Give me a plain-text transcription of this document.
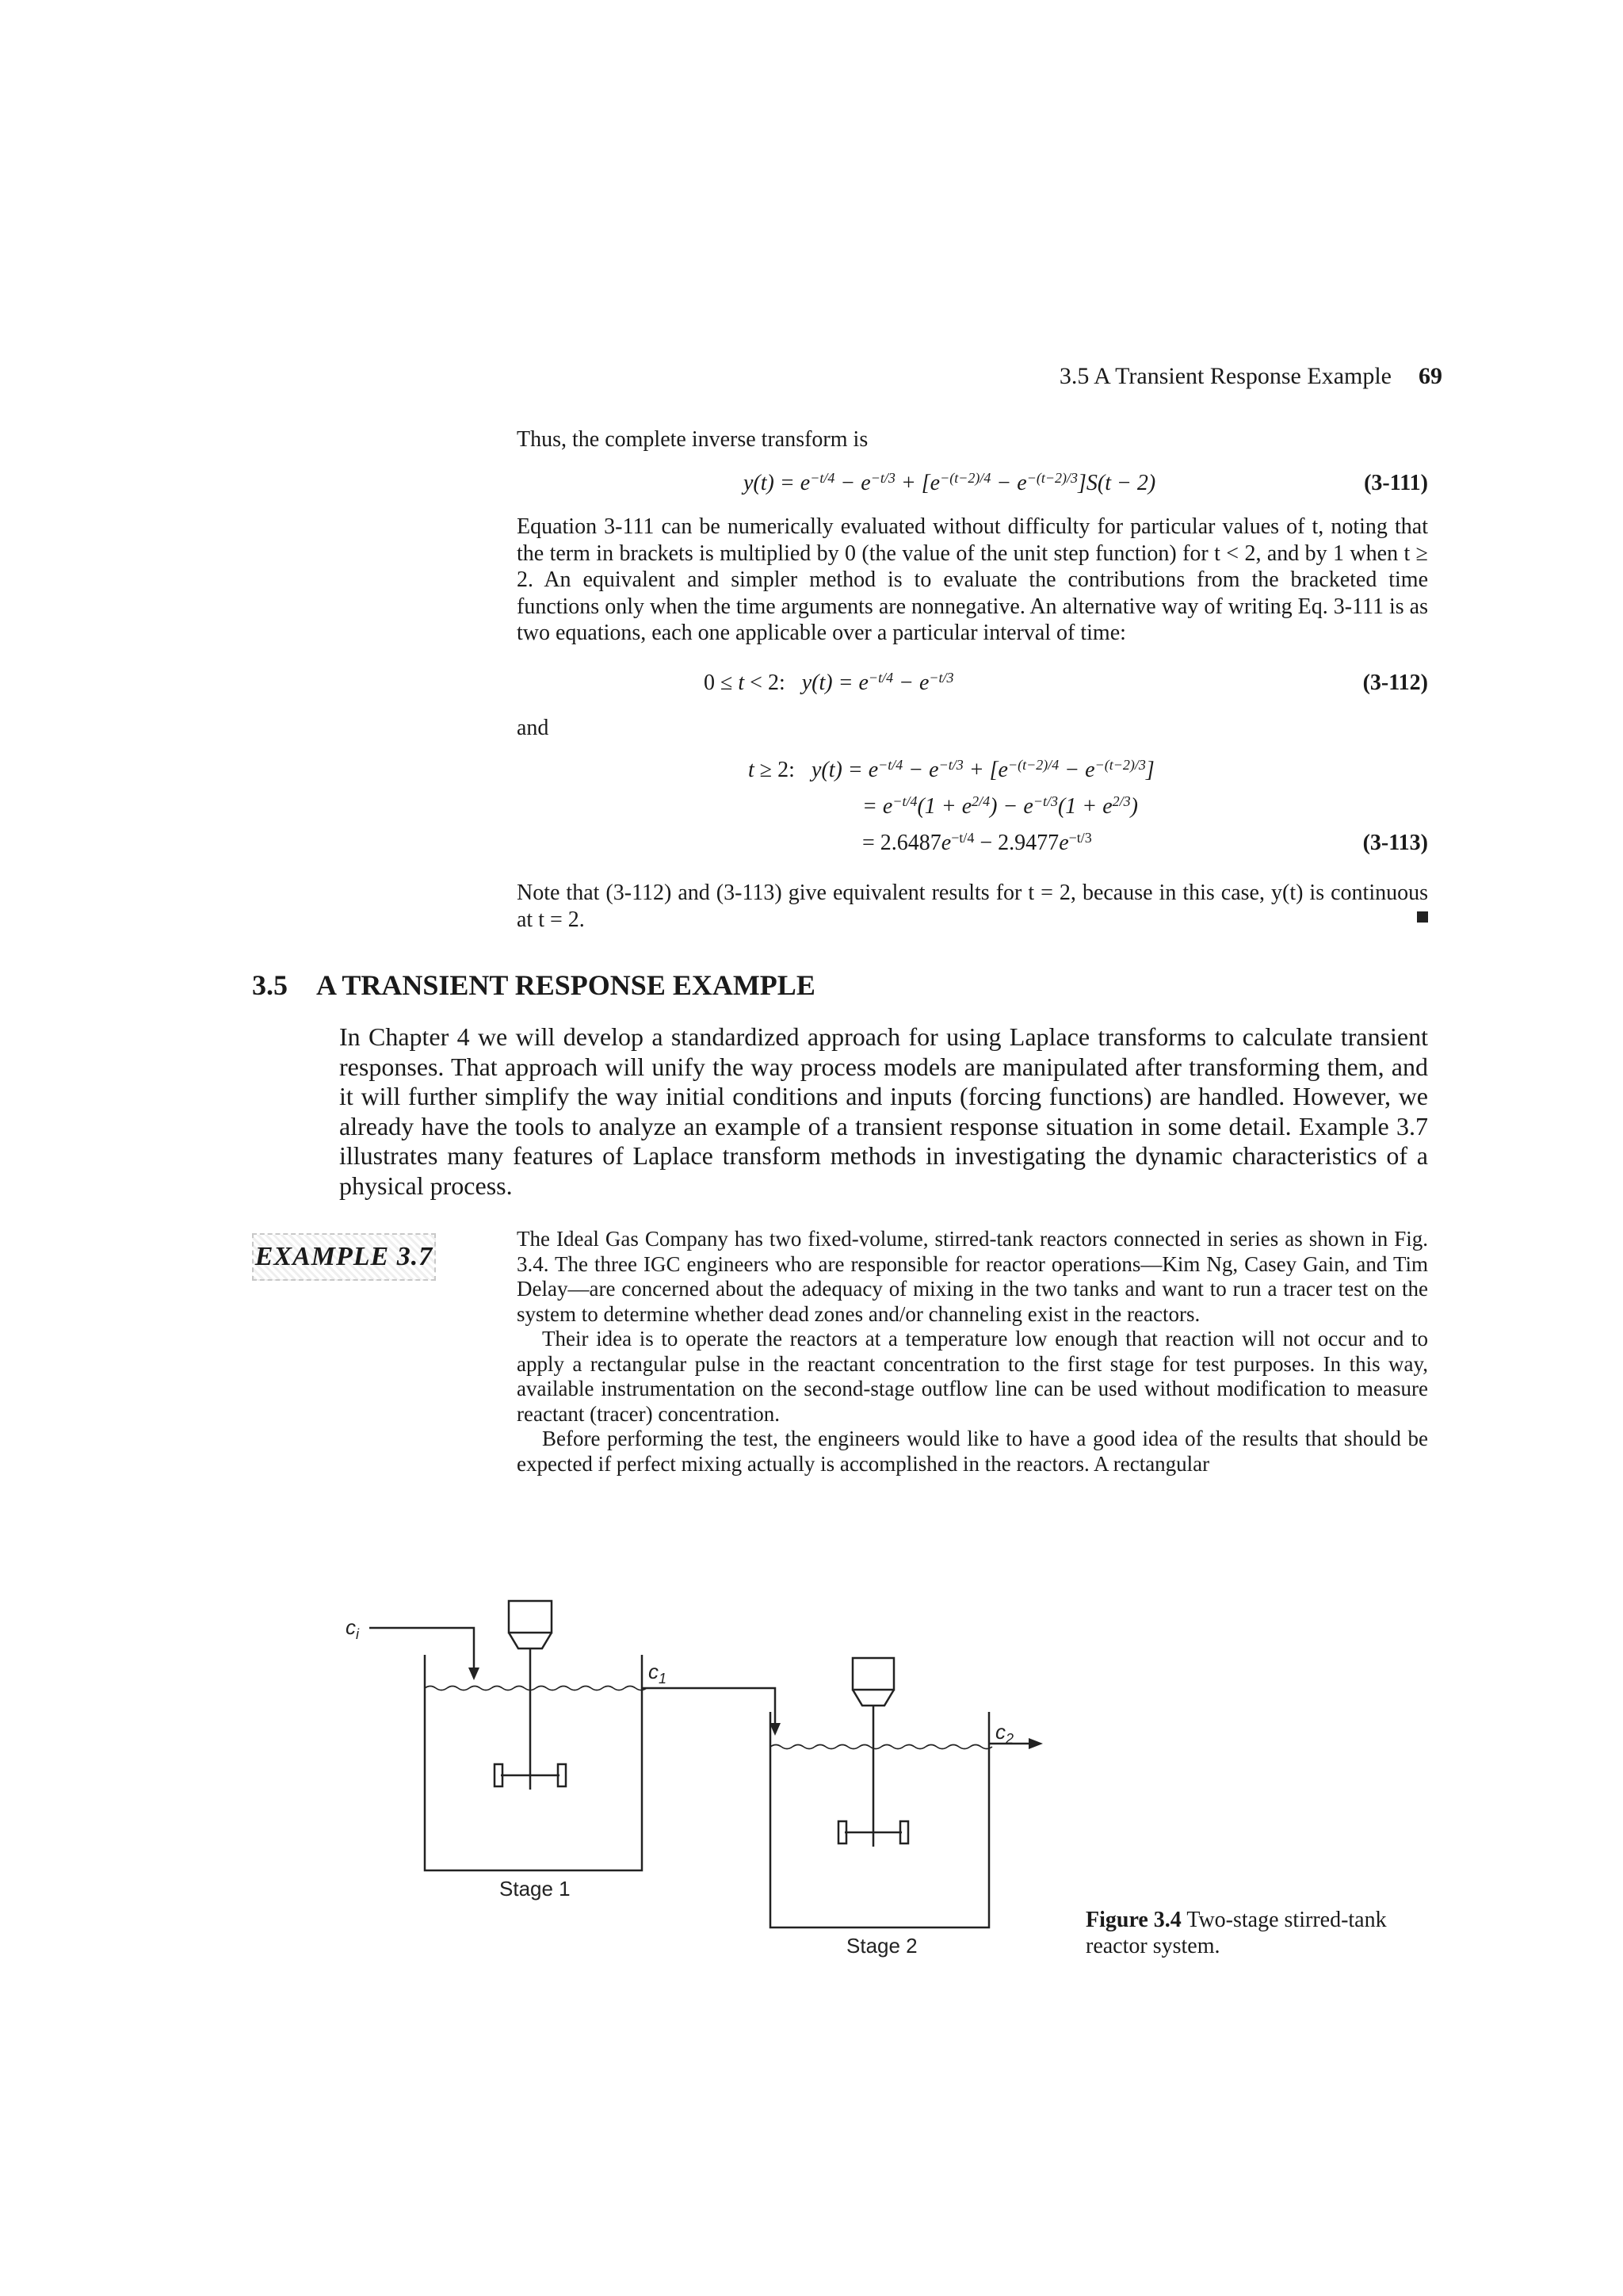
3.5 A Transient Response Example 69
Thus, the complete inverse transform is
$y(t) = e^{-t/4} - e^{-t/3} + [e^{-(t-2)/4} - e^{-(t-2)/3}]S(t - 2)$	(3-111)
Equation 3-111 can be numerically evaluated without difficulty for particular values of t, noting that the term in brackets is multiplied by 0 (the value of the unit step function) for t < 2, and by 1 when t ≥ 2. An equivalent and simpler method is to evaluate the contributions from the bracketed time functions only when the time arguments are nonnegative. An alternative way of writing Eq. 3-111 is as two equations, each one applicable over a particular interval of time:
0 ≤ t < 2:   $y(t) = e^{-t/4} - e^{-t/3}$	(3-112)
and
t ≥ 2:   $y(t) = e^{-t/4} - e^{-t/3} + [e^{-(t-2)/4} - e^{-(t-2)/3}]$
= $e^{-t/4}(1 + e^{2/4}) - e^{-t/3}(1 + e^{2/3})$
= $2.6487e^{-t/4} - 2.9477e^{-t/3}$	(3-113)
Note that (3-112) and (3-113) give equivalent results for t = 2, because in this case, y(t) is continuous at t = 2.
3.5 A TRANSIENT RESPONSE EXAMPLE
In Chapter 4 we will develop a standardized approach for using Laplace transforms to calculate transient responses. That approach will unify the way process models are manipulated after transforming them, and it will further simplify the way initial conditions and inputs (forcing functions) are handled. However, we already have the tools to analyze an example of a transient response situation in some detail. Example 3.7 illustrates many features of Laplace transform methods in investigating the dynamic characteristics of a physical process.
EXAMPLE 3.7

The Ideal Gas Company has two fixed-volume, stirred-tank reactors connected in series as shown in Fig. 3.4. The three IGC engineers who are responsible for reactor operations—Kim Ng, Casey Gain, and Tim Delay—are concerned about the adequacy of mixing in the two tanks and want to run a tracer test on the system to determine whether dead zones and/or channeling exist in the reactors.

Their idea is to operate the reactors at a temperature low enough that reaction will not occur and to apply a rectangular pulse in the reactant concentration to the first stage for test purposes. In this way, available instrumentation on the second-stage outflow line can be used without modification to measure reactant (tracer) concentration.

Before performing the test, the engineers would like to have a good idea of the results that should be expected if perfect mixing actually is accomplished in the reactors. A rectangular

$c_i$
$c_1$
$c_2$
Stage 1
Stage 2
Figure 3.4 Two-stage stirred-tank reactor system.
